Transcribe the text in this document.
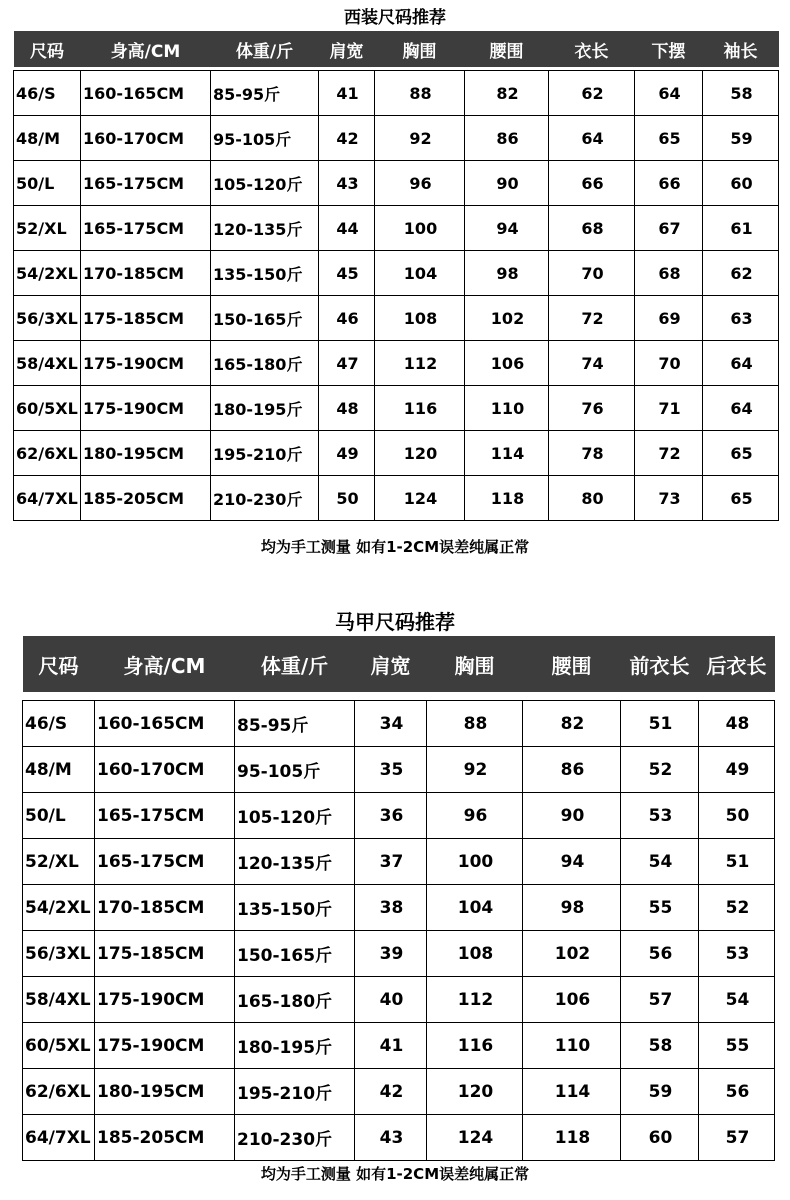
西装尺码推荐
尺码	身高/CM	体重/斤	肩宽	胸围	腰围	衣长	下摆	袖长

46/S	160-165CM	85-95斤	41	88	82	62	64	58
48/M	160-170CM	95-105斤	42	92	86	64	65	59
50/L	165-175CM	105-120斤	43	96	90	66	66	60
52/XL	165-175CM	120-135斤	44	100	94	68	67	61
54/2XL	170-185CM	135-150斤	45	104	98	70	68	62
56/3XL	175-185CM	150-165斤	46	108	102	72	69	63
58/4XL	175-190CM	165-180斤	47	112	106	74	70	64
60/5XL	175-190CM	180-195斤	48	116	110	76	71	64
62/6XL	180-195CM	195-210斤	49	120	114	78	72	65
64/7XL	185-205CM	210-230斤	50	124	118	80	73	65
均为手工测量 如有1-2CM误差纯属正常
马甲尺码推荐
尺码	身高/CM	体重/斤	肩宽	胸围	腰围	前衣长	后衣长

46/S	160-165CM	85-95斤	34	88	82	51	48
48/M	160-170CM	95-105斤	35	92	86	52	49
50/L	165-175CM	105-120斤	36	96	90	53	50
52/XL	165-175CM	120-135斤	37	100	94	54	51
54/2XL	170-185CM	135-150斤	38	104	98	55	52
56/3XL	175-185CM	150-165斤	39	108	102	56	53
58/4XL	175-190CM	165-180斤	40	112	106	57	54
60/5XL	175-190CM	180-195斤	41	116	110	58	55
62/6XL	180-195CM	195-210斤	42	120	114	59	56
64/7XL	185-205CM	210-230斤	43	124	118	60	57
均为手工测量 如有1-2CM误差纯属正常
